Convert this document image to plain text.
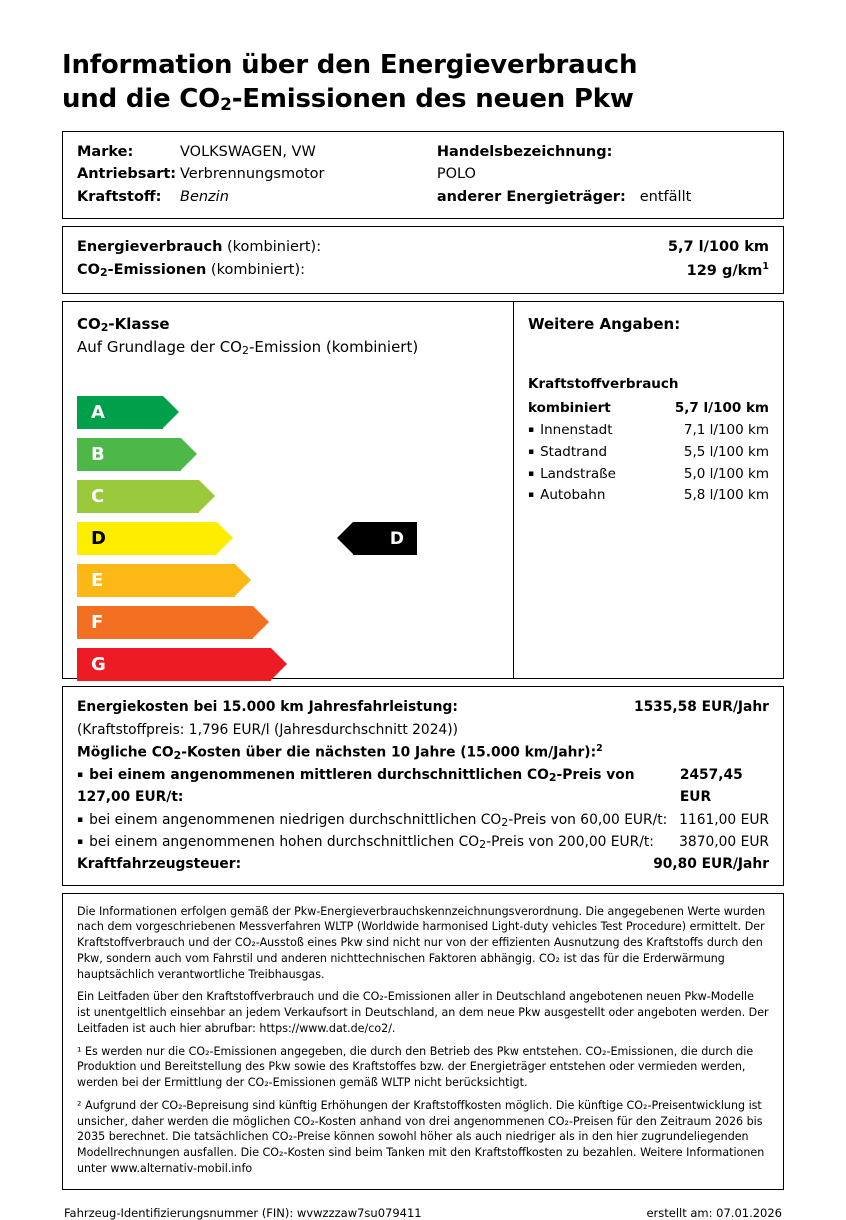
Information über den Energieverbrauch
und die $CO_2$-Emissionen des neuen Pkw
Marke:	VOLKSWAGEN, VW
Antriebsart: Verbrennungsmotor
Kraftstoff:	Benzin
Handelsbezeichnung:
POLO
anderer Energieträger: entfällt
Energieverbrauch (kombiniert):	5,7 l/100 km
CO2-Emissionen (kombiniert):	129 $g/km^1$
CO2-Klasse
Auf Grundlage der CO2-Emission (kombiniert)
A
B
C
D
E
F
G
D
Weitere Angaben:
Kraftstoffverbrauch
kombiniert	5,7 l/100 km
▪ Innenstadt	7,1 l/100 km
▪ Stadtrand	5,5 l/100 km
▪ Landstraße	5,0 l/100 km
▪ Autobahn	5,8 l/100 km
Energiekosten bei 15.000 km Jahresfahrleistung:	1535,58 EUR/Jahr
(Kraftstoffpreis: 1,796 EUR/l (Jahresdurchschnitt 2024))
Mögliche CO2-Kosten über die nächsten 10 Jahre (15.000 km/Jahr):$^2$
▪ bei einem angenommenen mittleren durchschnittlichen CO2-Preis von 127,00 EUR/t:
2457,45 EUR
▪ bei einem angenommenen niedrigen durchschnittlichen CO2-Preis von 60,00 EUR/t: 1161,00 EUR
▪ bei einem angenommenen hohen durchschnittlichen CO2-Preis von 200,00 EUR/t: 3870,00 EUR
Kraftfahrzeugsteuer:	90,80 EUR/Jahr

Die Informationen erfolgen gemäß der Pkw-Energieverbrauchskennzeichnungsverordnung. Die angegebenen Werte wurden nach dem vorgeschriebenen Messverfahren WLTP (Worldwide harmonised Light-duty vehicles Test Procedure) ermittelt. Der Kraftstoffverbrauch und der CO₂-Ausstoß eines Pkw sind nicht nur von der effizienten Ausnutzung des Kraftstoffs durch den Pkw, sondern auch vom Fahrstil und anderen nichttechnischen Faktoren abhängig. CO₂ ist das für die Erderwärmung hauptsächlich verantwortliche Treibhausgas.

Ein Leitfaden über den Kraftstoffverbrauch und die CO₂-Emissionen aller in Deutschland angebotenen neuen Pkw-Modelle ist unentgeltlich einsehbar an jedem Verkaufsort in Deutschland, an dem neue Pkw ausgestellt oder angeboten werden. Der Leitfaden ist auch hier abrufbar: https://www.dat.de/co2/.

¹ Es werden nur die CO₂-Emissionen angegeben, die durch den Betrieb des Pkw entstehen. CO₂-Emissionen, die durch die Produktion und Bereitstellung des Pkw sowie des Kraftstoffes bzw. der Energieträger entstehen oder vermieden werden, werden bei der Ermittlung der CO₂-Emissionen gemäß WLTP nicht berücksichtigt.

² Aufgrund der CO₂-Bepreisung sind künftig Erhöhungen der Kraftstoffkosten möglich. Die künftige CO₂-Preisentwicklung ist unsicher, daher werden die möglichen CO₂-Kosten anhand von drei angenommenen CO₂-Preisen für den Zeitraum 2026 bis 2035 berechnet. Die tatsächlichen CO₂-Preise können sowohl höher als auch niedriger als in den hier zugrundeliegenden Modellrechnungen ausfallen. Die CO₂-Kosten sind beim Tanken mit den Kraftstoffkosten zu bezahlen. Weitere Informationen unter www.alternativ-mobil.info

Fahrzeug-Identifizierungsnummer (FIN): wvwzzzaw7su079411	erstellt am: 07.01.2026
